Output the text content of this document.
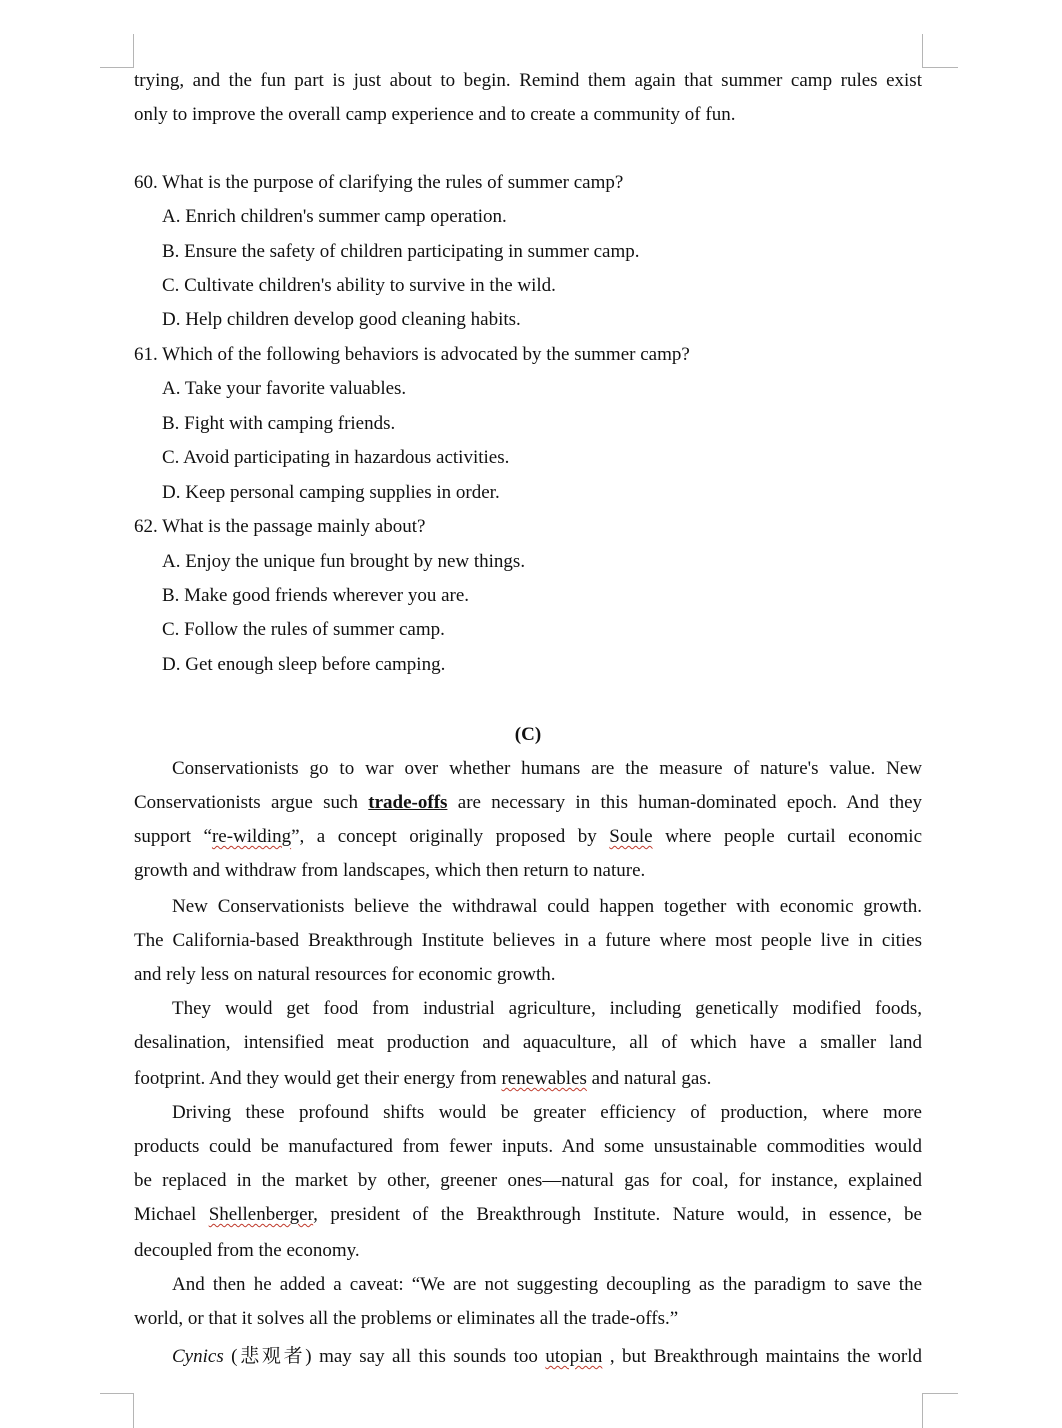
trying, and the fun part is just about to begin. Remind them again that summer camp rules exist
only to improve the overall camp experience and to create a community of fun.
60. What is the purpose of clarifying the rules of summer camp?
A. Enrich children's summer camp operation.
B. Ensure the safety of children participating in summer camp.
C. Cultivate children's ability to survive in the wild.
D. Help children develop good cleaning habits.
61. Which of the following behaviors is advocated by the summer camp?
A. Take your favorite valuables.
B. Fight with camping friends.
C. Avoid participating in hazardous activities.
D. Keep personal camping supplies in order.
62. What is the passage mainly about?
A. Enjoy the unique fun brought by new things.
B. Make good friends wherever you are.
C. Follow the rules of summer camp.
D. Get enough sleep before camping.
(C)
Conservationists go to war over whether humans are the measure of nature's value. New
Conservationists argue such trade-offs are necessary in this human-dominated epoch. And they
support “re-wilding”, a concept originally proposed by Soule where people curtail economic
growth and withdraw from landscapes, which then return to nature.
New Conservationists believe the withdrawal could happen together with economic growth.
The California-based Breakthrough Institute believes in a future where most people live in cities
and rely less on natural resources for economic growth.
They would get food from industrial agriculture, including genetically modified foods,
desalination, intensified meat production and aquaculture, all of which have a smaller land
footprint. And they would get their energy from renewables and natural gas.
Driving these profound shifts would be greater efficiency of production, where more
products could be manufactured from fewer inputs. And some unsustainable commodities would
be replaced in the market by other, greener ones—natural gas for coal, for instance, explained
Michael Shellenberger, president of the Breakthrough Institute. Nature would, in essence, be
decoupled from the economy.
And then he added a caveat: “We are not suggesting decoupling as the paradigm to save the
world, or that it solves all the problems or eliminates all the trade-offs.”
Cynics (悲观者) may say all this sounds too utopian , but Breakthrough maintains the world
